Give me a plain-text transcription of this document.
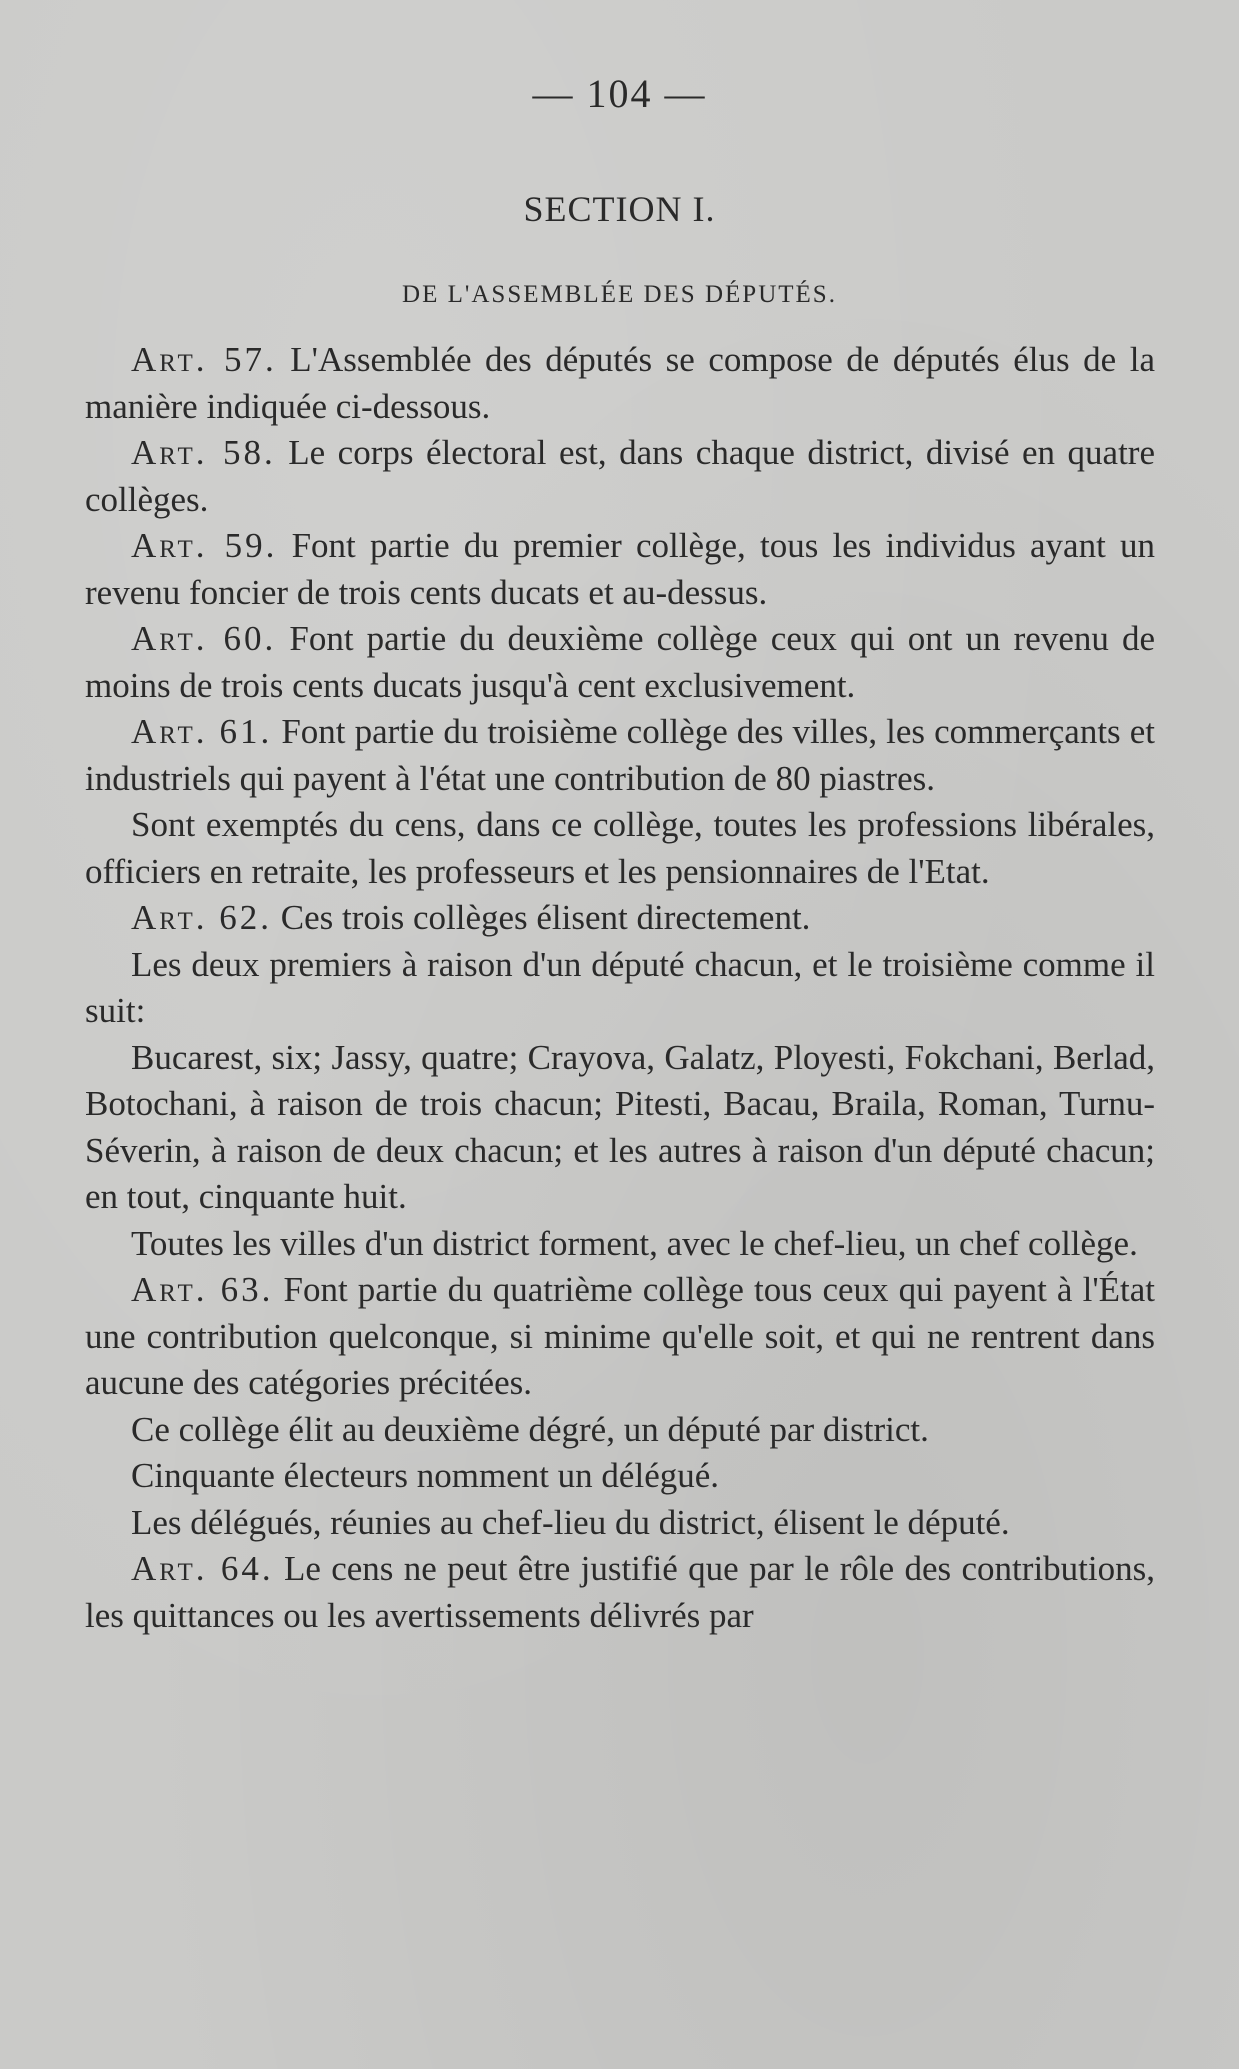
— 104 —
SECTION I.
DE L'ASSEMBLÉE DES DÉPUTÉS.

Art. 57. L'Assemblée des députés se compose de députés élus de la manière indiquée ci-dessous.

Art. 58. Le corps électoral est, dans chaque district, divisé en quatre collèges.

Art. 59. Font partie du premier collège, tous les individus ayant un revenu foncier de trois cents ducats et au-dessus.

Art. 60. Font partie du deuxième collège ceux qui ont un revenu de moins de trois cents ducats jusqu'à cent exclusivement.

Art. 61. Font partie du troisième collège des villes, les commerçants et industriels qui payent à l'état une contribution de 80 piastres.

Sont exemptés du cens, dans ce collège, toutes les professions libérales, officiers en retraite, les professeurs et les pensionnaires de l'Etat.

Art. 62. Ces trois collèges élisent directement.

Les deux premiers à raison d'un député chacun, et le troisième comme il suit:

Bucarest, six; Jassy, quatre; Crayova, Galatz, Ployesti, Fokchani, Berlad, Botochani, à raison de trois chacun; Pitesti, Bacau, Braila, Roman, Turnu-Séverin, à raison de deux chacun; et les autres à raison d'un député chacun; en tout, cinquante huit.

Toutes les villes d'un district forment, avec le chef-lieu, un chef collège.

Art. 63. Font partie du quatrième collège tous ceux qui payent à l'État une contribution quelconque, si minime qu'elle soit, et qui ne rentrent dans aucune des catégories précitées.

Ce collège élit au deuxième dégré, un député par district.

Cinquante électeurs nomment un délégué.

Les délégués, réunies au chef-lieu du district, élisent le député.

Art. 64. Le cens ne peut être justifié que par le rôle des contributions, les quittances ou les avertissements délivrés par
